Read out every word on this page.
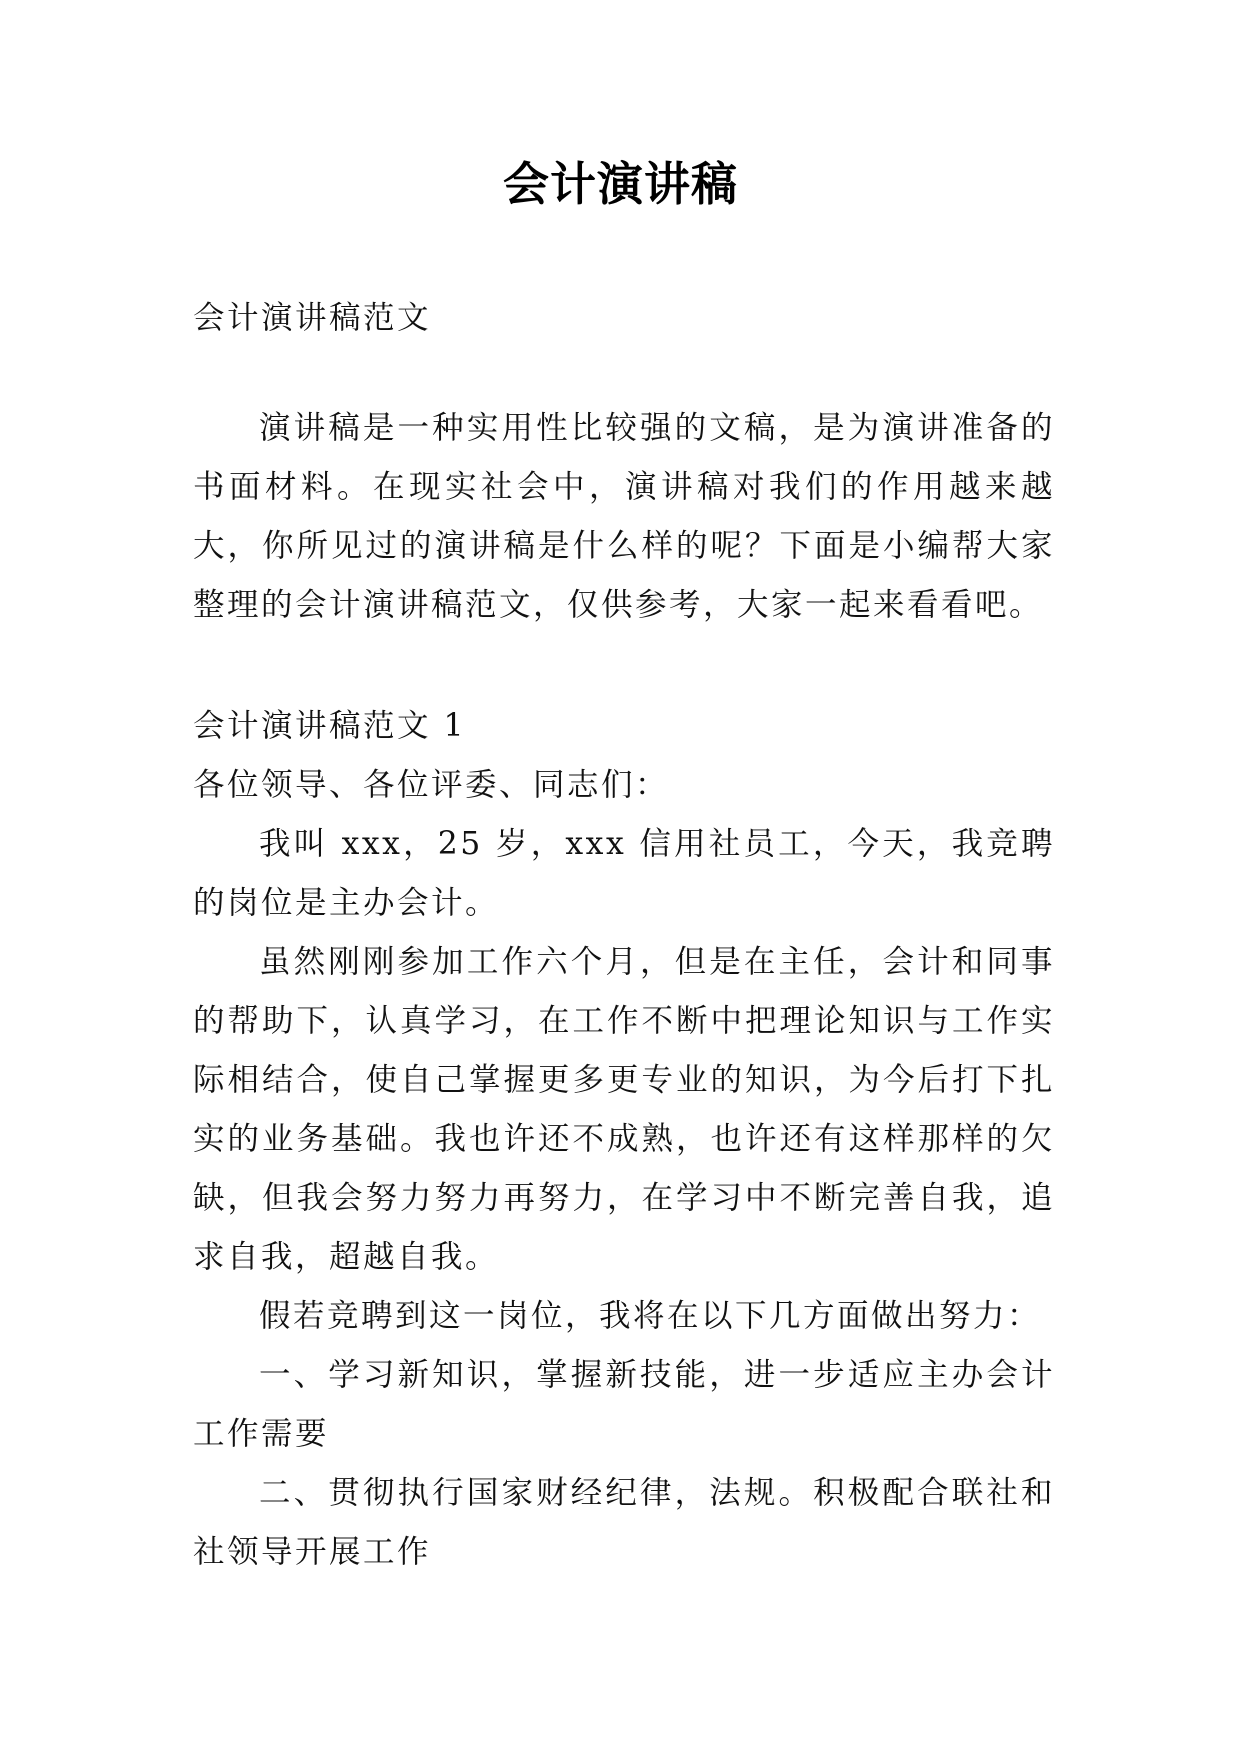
会计演讲稿

会计演讲稿范文

演讲稿是一种实用性比较强的文稿，是为演讲准备的书面材料。在现实社会中，演讲稿对我们的作用越来越大，你所见过的演讲稿是什么样的呢？下面是小编帮大家整理的会计演讲稿范文，仅供参考，大家一起来看看吧。

会计演讲稿范文 1

各位领导、各位评委、同志们：

我叫 xxx，25 岁，xxx 信用社员工，今天，我竞聘的岗位是主办会计。

虽然刚刚参加工作六个月，但是在主任，会计和同事的帮助下，认真学习，在工作不断中把理论知识与工作实际相结合，使自己掌握更多更专业的知识，为今后打下扎实的业务基础。我也许还不成熟，也许还有这样那样的欠缺，但我会努力努力再努力，在学习中不断完善自我，追求自我，超越自我。

假若竞聘到这一岗位，我将在以下几方面做出努力：

一、学习新知识，掌握新技能，进一步适应主办会计工作需要

二、贯彻执行国家财经纪律，法规。积极配合联社和社领导开展工作
